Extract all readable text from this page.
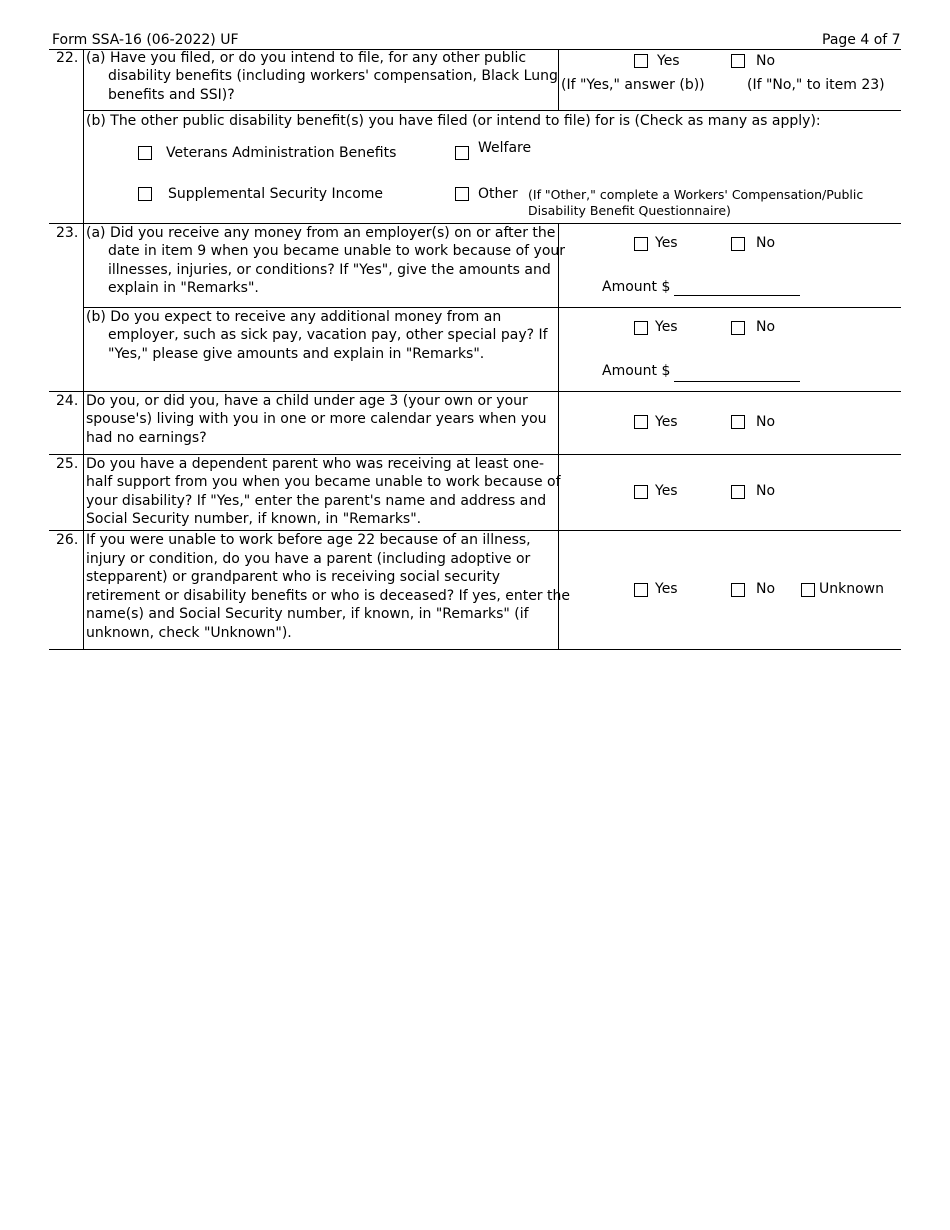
Form SSA-16 (06-2022) UF	Page 4 of 7
22. (a) Have you filed, or do you intend to file, for any other public
disability benefits (including workers' compensation, Black Lung
benefits and SSI)?
Yes	No
(If "Yes," answer (b))	(If "No," to item 23)
(b) The other public disability benefit(s) you have filed (or intend to file) for is (Check as many as apply):
Veterans Administration Benefits	Welfare
Supplemental Security Income	Other (If "Other," complete a Workers' Compensation/Public
Disability Benefit Questionnaire)
23. (a) Did you receive any money from an employer(s) on or after the
date in item 9 when you became unable to work because of your
illnesses, injuries, or conditions? If "Yes", give the amounts and
explain in "Remarks".
Yes	No
Amount $
(b) Do you expect to receive any additional money from an
employer, such as sick pay, vacation pay, other special pay? If
"Yes," please give amounts and explain in "Remarks".
Yes	No
Amount $
24. Do you, or did you, have a child under age 3 (your own or your
spouse's) living with you in one or more calendar years when you
had no earnings?
Yes	No
25. Do you have a dependent parent who was receiving at least one-
half support from you when you became unable to work because of
your disability? If "Yes," enter the parent's name and address and
Social Security number, if known, in "Remarks".
Yes	No
26. If you were unable to work before age 22 because of an illness,
injury or condition, do you have a parent (including adoptive or
stepparent) or grandparent who is receiving social security
retirement or disability benefits or who is deceased? If yes, enter the
name(s) and Social Security number, if known, in "Remarks" (if
unknown, check "Unknown").
Yes	No	Unknown
